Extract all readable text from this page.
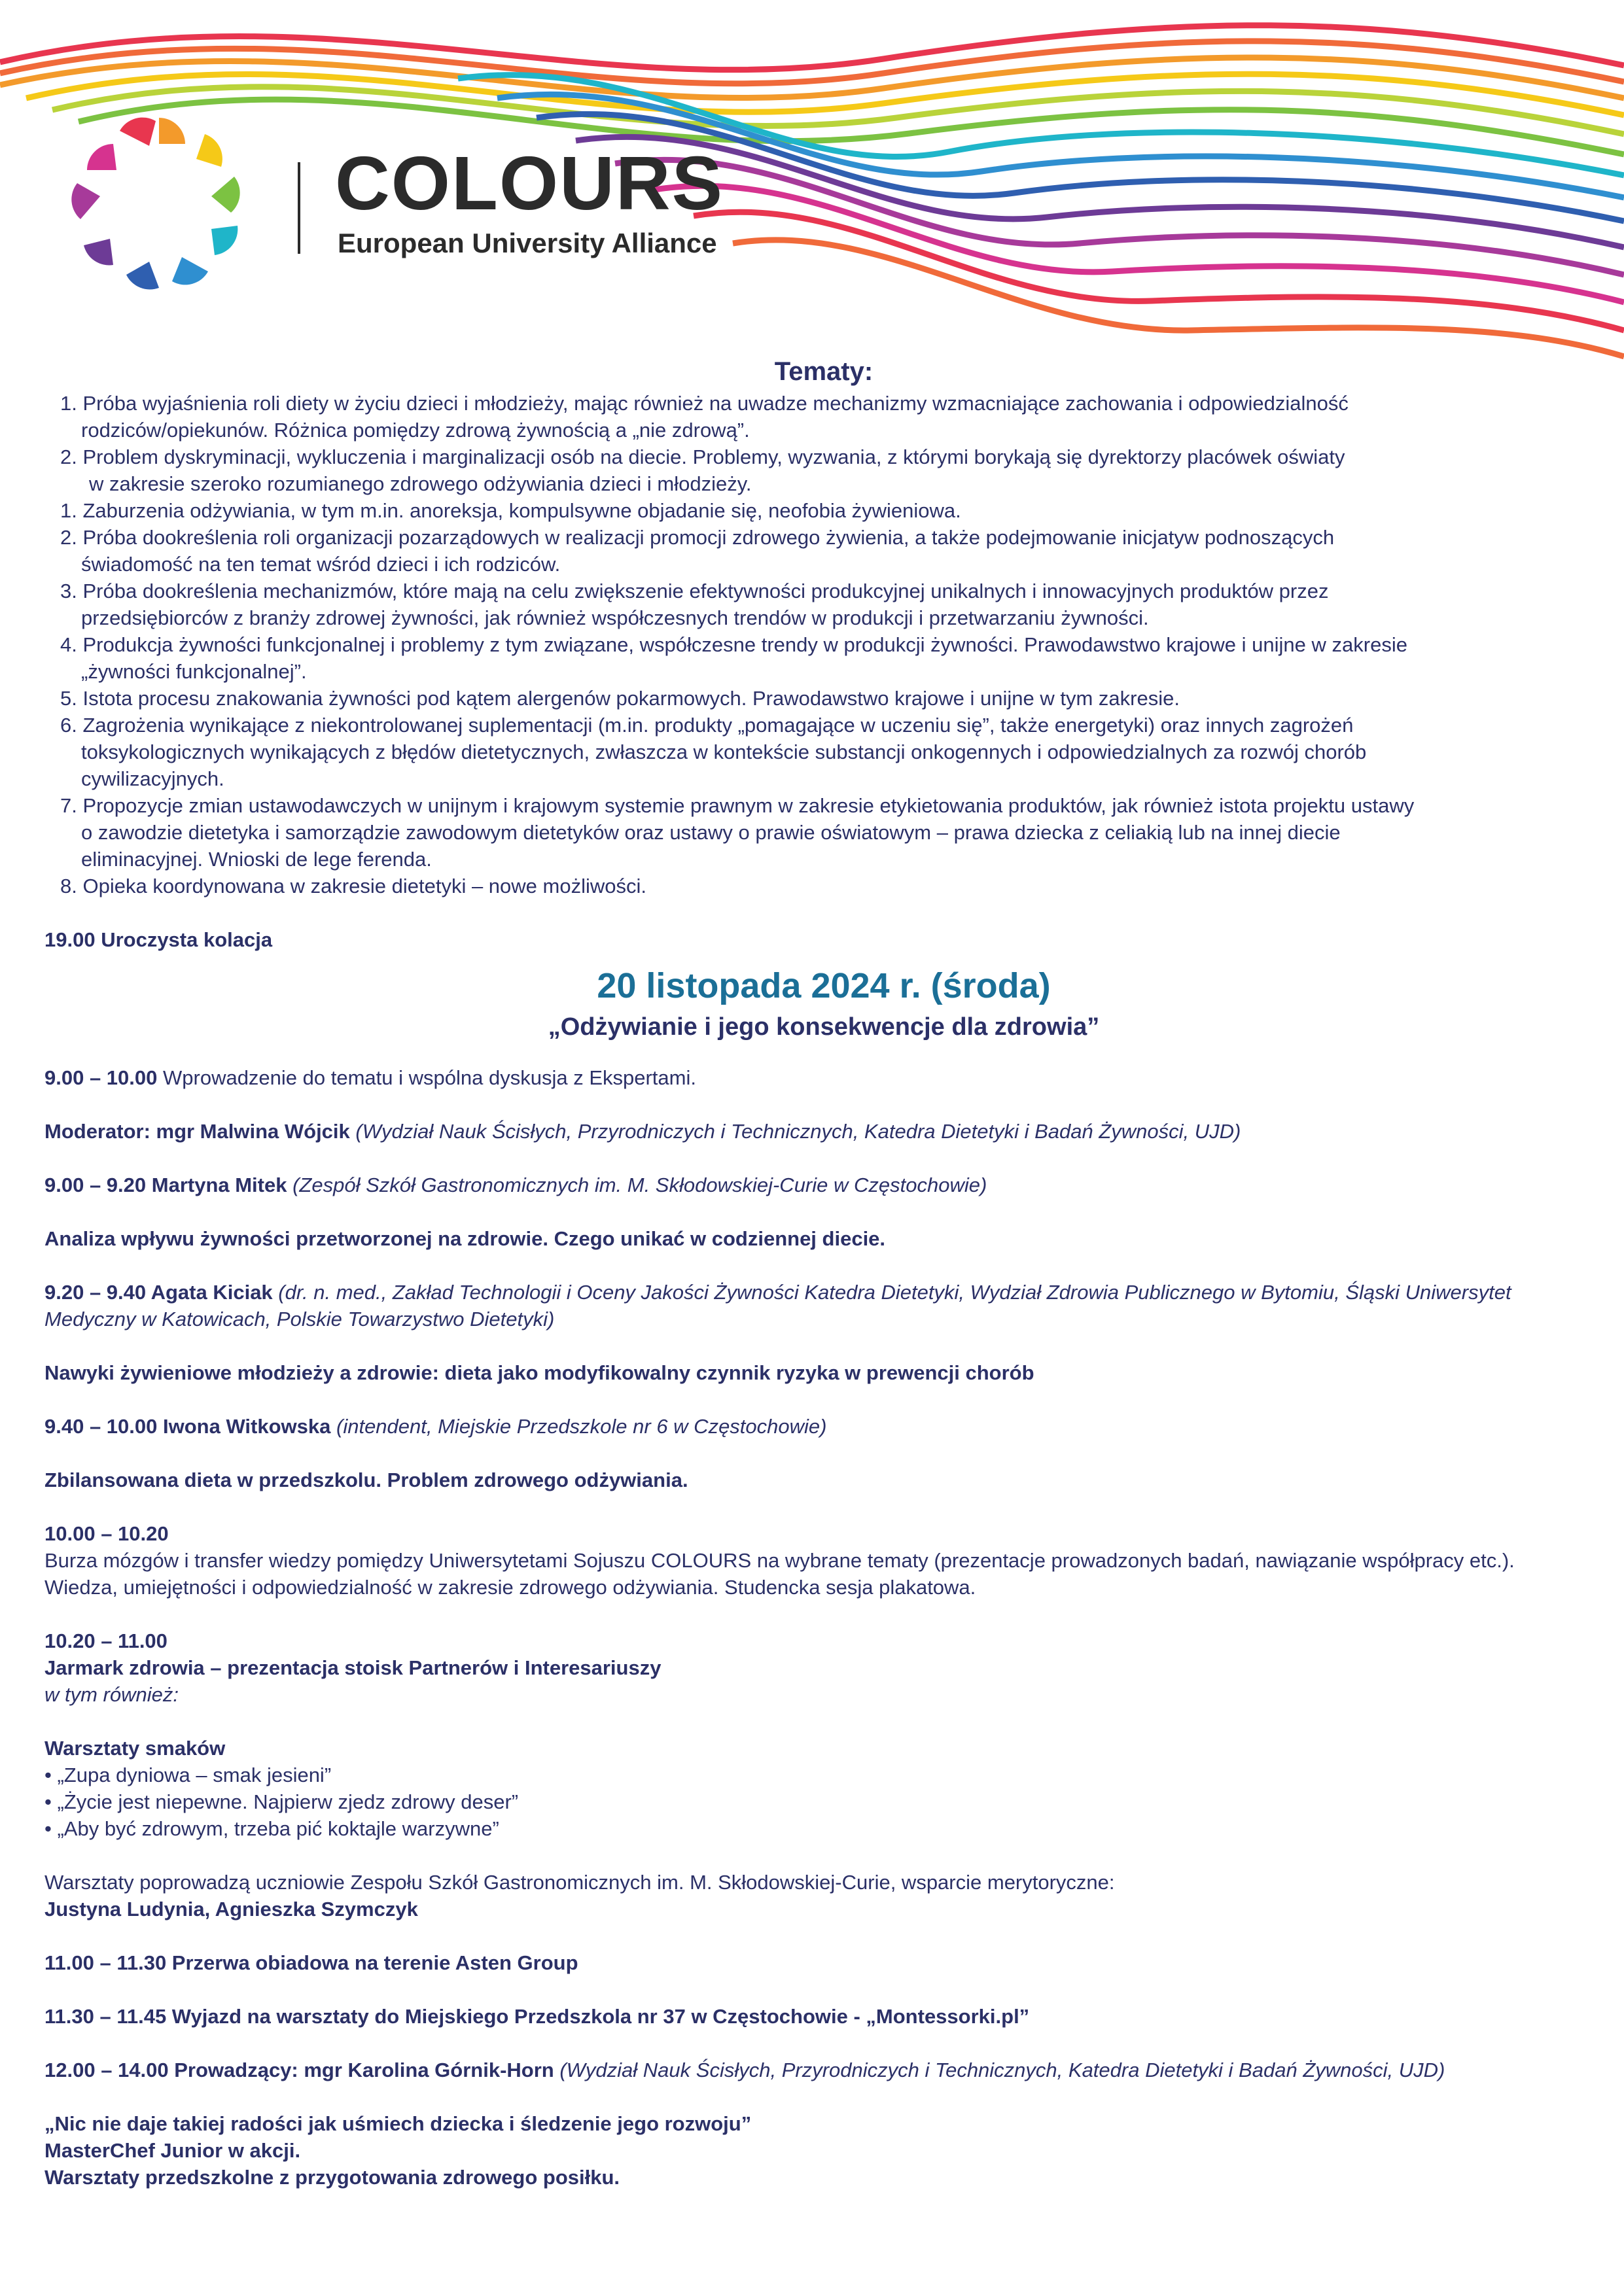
COLOURS
European University Alliance
Tematy:
1. Próba wyjaśnienia roli diety w życiu dzieci i młodzieży, mając również na uwadze mechanizmy wzmacniające zachowania i odpowiedzialność
rodziców/opiekunów. Różnica pomiędzy zdrową żywnością a „nie zdrową”.
2. Problem dyskryminacji, wykluczenia i marginalizacji osób na diecie. Problemy, wyzwania, z którymi borykają się dyrektorzy placówek oświaty
w zakresie szeroko rozumianego zdrowego odżywiania dzieci i młodzieży.
1. Zaburzenia odżywiania, w tym m.in. anoreksja, kompulsywne objadanie się, neofobia żywieniowa.
2. Próba dookreślenia roli organizacji pozarządowych w realizacji promocji zdrowego żywienia, a także podejmowanie inicjatyw podnoszących
świadomość na ten temat wśród dzieci i ich rodziców.
3. Próba dookreślenia mechanizmów, które mają na celu zwiększenie efektywności produkcyjnej unikalnych i innowacyjnych produktów przez
przedsiębiorców z branży zdrowej żywności, jak również współczesnych trendów w produkcji i przetwarzaniu żywności.
4. Produkcja żywności funkcjonalnej i problemy z tym związane, współczesne trendy w produkcji żywności. Prawodawstwo krajowe i unijne w zakresie
„żywności funkcjonalnej”.
5. Istota procesu znakowania żywności pod kątem alergenów pokarmowych. Prawodawstwo krajowe i unijne w tym zakresie.
6. Zagrożenia wynikające z niekontrolowanej suplementacji (m.in. produkty „pomagające w uczeniu się”, także energetyki) oraz innych zagrożeń
toksykologicznych wynikających z błędów dietetycznych, zwłaszcza w kontekście substancji onkogennych i odpowiedzialnych za rozwój chorób
cywilizacyjnych.
7. Propozycje zmian ustawodawczych w unijnym i krajowym systemie prawnym w zakresie etykietowania produktów, jak również istota projektu ustawy
o zawodzie dietetyka i samorządzie zawodowym dietetyków oraz ustawy o prawie oświatowym – prawa dziecka z celiakią lub na innej diecie
eliminacyjnej. Wnioski de lege ferenda.
8. Opieka koordynowana w zakresie dietetyki – nowe możliwości.

19.00 Uroczysta kolacja

20 listopada 2024 r. (środa)
„Odżywianie i jego konsekwencje dla zdrowia”

9.00 – 10.00 Wprowadzenie do tematu i wspólna dyskusja z Ekspertami.

Moderator: mgr Malwina Wójcik (Wydział Nauk Ścisłych, Przyrodniczych i Technicznych, Katedra Dietetyki i Badań Żywności, UJD)

9.00 – 9.20 Martyna Mitek (Zespół Szkół Gastronomicznych im. M. Skłodowskiej-Curie w Częstochowie)

Analiza wpływu żywności przetworzonej na zdrowie. Czego unikać w codziennej diecie.

9.20 – 9.40 Agata Kiciak (dr. n. med., Zakład Technologii i Oceny Jakości Żywności Katedra Dietetyki, Wydział Zdrowia Publicznego w Bytomiu, Śląski Uniwersytet Medyczny w Katowicach, Polskie Towarzystwo Dietetyki)

Nawyki żywieniowe młodzieży a zdrowie: dieta jako modyfikowalny czynnik ryzyka w prewencji chorób

9.40 – 10.00 Iwona Witkowska (intendent, Miejskie Przedszkole nr 6 w Częstochowie)

Zbilansowana dieta w przedszkolu. Problem zdrowego odżywiania.

10.00 – 10.20

Burza mózgów i transfer wiedzy pomiędzy Uniwersytetami Sojuszu COLOURS na wybrane tematy (prezentacje prowadzonych badań, nawiązanie współpracy etc.).

Wiedza, umiejętności i odpowiedzialność w zakresie zdrowego odżywiania. Studencka sesja plakatowa.

10.20 – 11.00

Jarmark zdrowia – prezentacja stoisk Partnerów i Interesariuszy

w tym również:

Warsztaty smaków

• „Zupa dyniowa – smak jesieni”

• „Życie jest niepewne. Najpierw zjedz zdrowy deser”

• „Aby być zdrowym, trzeba pić koktajle warzywne”

Warsztaty poprowadzą uczniowie Zespołu Szkół Gastronomicznych im. M. Skłodowskiej-Curie, wsparcie merytoryczne:

Justyna Ludynia, Agnieszka Szymczyk

11.00 – 11.30 Przerwa obiadowa na terenie Asten Group

11.30 – 11.45 Wyjazd na warsztaty do Miejskiego Przedszkola nr 37 w Częstochowie - „Montessorki.pl”

12.00 – 14.00 Prowadzący: mgr Karolina Górnik-Horn (Wydział Nauk Ścisłych, Przyrodniczych i Technicznych, Katedra Dietetyki i Badań Żywności, UJD)

„Nic nie daje takiej radości jak uśmiech dziecka i śledzenie jego rozwoju”

MasterChef Junior w akcji.

Warsztaty przedszkolne z przygotowania zdrowego posiłku.
